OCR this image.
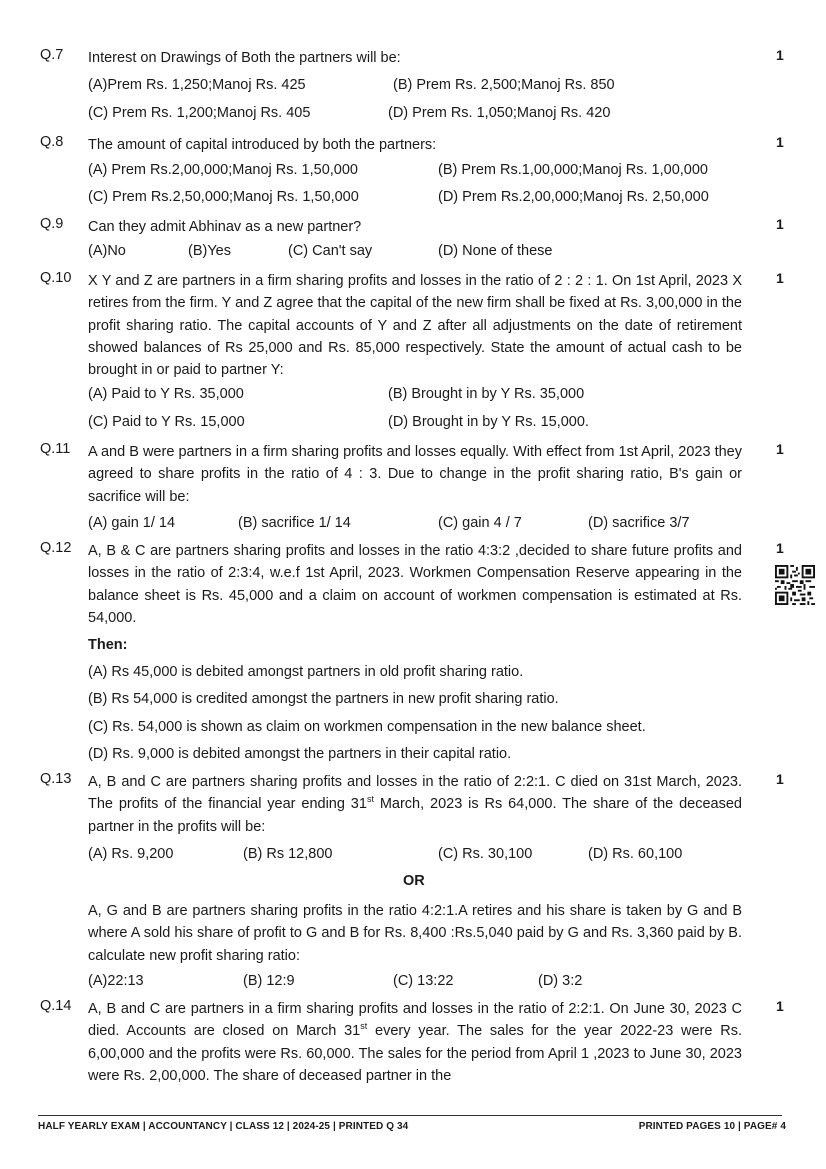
Q.7 Interest on Drawings of Both the partners will be:	1
(A)Prem Rs. 1,250;Manoj Rs. 425	(B) Prem Rs. 2,500;Manoj Rs. 850
(C) Prem Rs. 1,200;Manoj Rs. 405	(D) Prem Rs. 1,050;Manoj Rs. 420
Q.8 The amount of capital introduced by both the partners:	1
(A) Prem Rs.2,00,000;Manoj Rs. 1,50,000	(B) Prem Rs.1,00,000;Manoj Rs. 1,00,000
(C) Prem Rs.2,50,000;Manoj Rs. 1,50,000	(D) Prem Rs.2,00,000;Manoj Rs. 2,50,000
Q.9 Can they admit Abhinav as a new partner?	1
(A)No	(B)Yes	(C) Can't say	(D) None of these
Q.10 X Y and Z are partners in a firm sharing profits and losses in the ratio of 2 : 2 : 1. On 1st April, 2023 X retires from the firm. Y and Z agree that the capital of the new firm shall be fixed at Rs. 3,00,000 in the profit sharing ratio. The capital accounts of Y and Z after all adjustments on the date of retirement showed balances of Rs 25,000 and Rs. 85,000 respectively. State the amount of actual cash to be brought in or paid to partner Y:
1
(A) Paid to Y Rs. 35,000	(B) Brought in by Y Rs. 35,000
(C) Paid to Y Rs. 15,000	(D) Brought in by Y Rs. 15,000.
Q.11 A and B were partners in a firm sharing profits and losses equally. With effect from 1st April, 2023 they agreed to share profits in the ratio of 4 : 3. Due to change in the profit sharing ratio, B's gain or sacrifice will be:
1
(A) gain 1/ 14	(B) sacrifice 1/ 14	(C) gain 4 / 7	(D) sacrifice 3/7
Q.12 A, B & C are partners sharing profits and losses in the ratio 4:3:2 ,decided to share future profits and losses in the ratio of 2:3:4, w.e.f 1st April, 2023. Workmen Compensation Reserve appearing in the balance sheet is Rs. 45,000 and a claim on account of workmen compensation is estimated at Rs. 54,000.
1
Then:
(A) Rs 45,000 is debited amongst partners in old profit sharing ratio.
(B) Rs 54,000 is credited amongst the partners in new profit sharing ratio.
(C) Rs. 54,000 is shown as claim on workmen compensation in the new balance sheet.
(D) Rs. 9,000 is debited amongst the partners in their capital ratio.
Q.13 A, B and C are partners sharing profits and losses in the ratio of 2:2:1. C died on 31st March, 2023. The profits of the financial year ending 31st March, 2023 is Rs 64,000. The share of the deceased partner in the profits will be:
1
(A) Rs. 9,200	(B) Rs 12,800	(C) Rs. 30,100	(D) Rs. 60,100
OR
A, G and B are partners sharing profits in the ratio 4:2:1.A retires and his share is taken by G and B where A sold his share of profit to G and B for Rs. 8,400 :Rs.5,040 paid by G and Rs. 3,360 paid by B. calculate new profit sharing ratio:
(A)22:13	(B) 12:9	(C) 13:22	(D) 3:2
Q.14 A, B and C are partners in a firm sharing profits and losses in the ratio of 2:2:1. On June 30, 2023 C died. Accounts are closed on March 31st every year. The sales for the year 2022-23 were Rs. 6,00,000 and the profits were Rs. 60,000. The sales for the period from April 1 ,2023 to June 30, 2023 were Rs. 2,00,000. The share of deceased partner in the
1
HALF YEARLY EXAM | ACCOUNTANCY | CLASS 12 | 2024-25 | PRINTED Q 34	PRINTED PAGES 10 | PAGE# 4
